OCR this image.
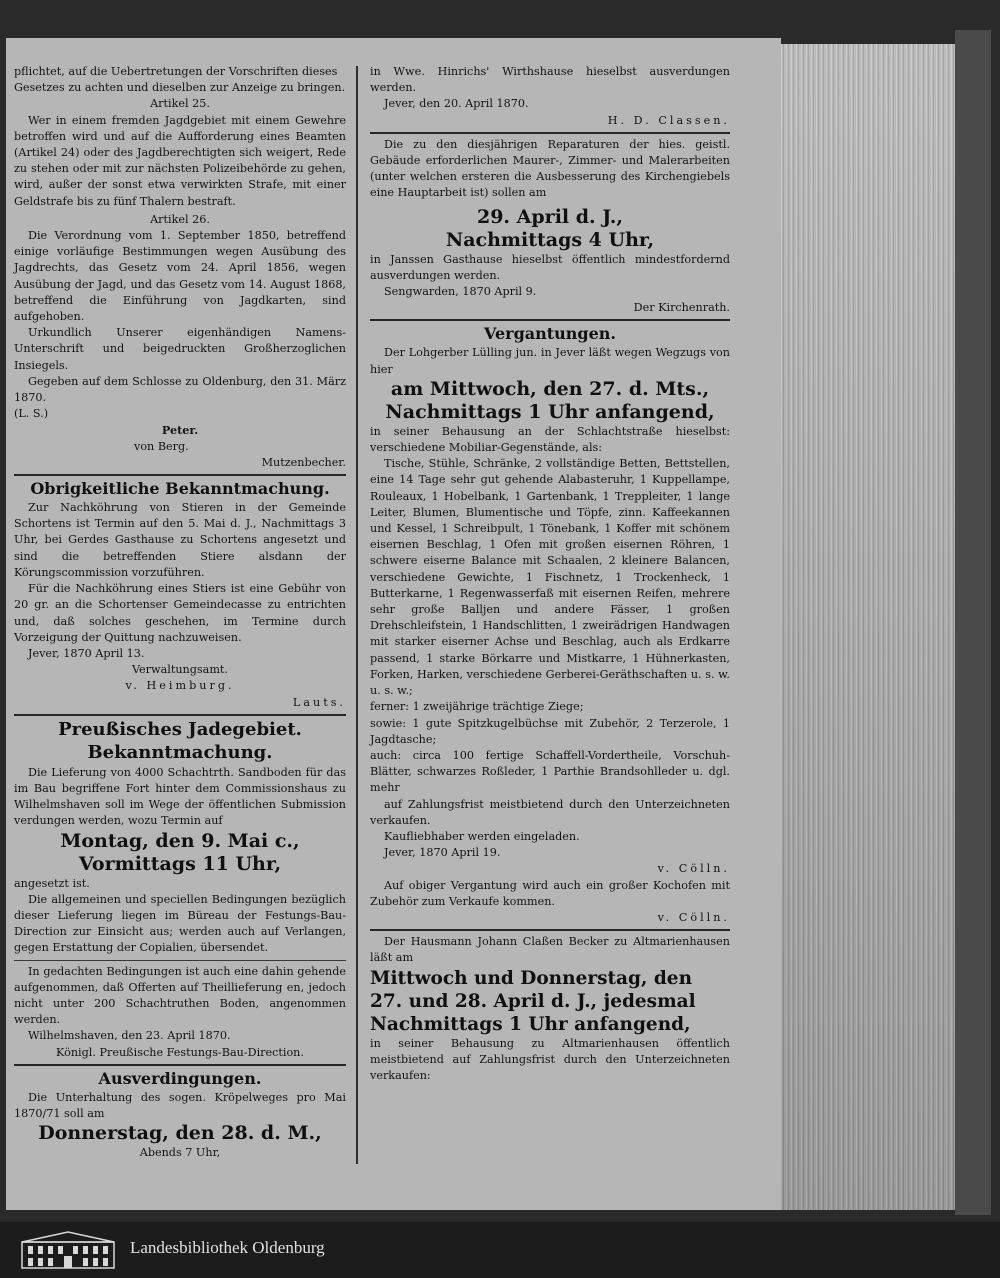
pflichtet, auf die Uebertretungen der Vorschriften dieses

Gesetzes zu achten und dieselben zur Anzeige zu bringen.

Artikel 25.

Wer in einem fremden Jagdgebiet mit einem Gewehre betroffen wird und auf die Aufforderung eines Beamten (Artikel 24) oder des Jagdberechtigten sich weigert, Rede zu stehen oder mit zur nächsten Polizeibehörde zu gehen, wird, außer der sonst etwa verwirkten Strafe, mit einer Geldstrafe bis zu fünf Thalern bestraft.

Artikel 26.

Die Verordnung vom 1. September 1850, betreffend einige vorläufige Bestimmungen wegen Ausübung des Jagdrechts, das Gesetz vom 24. April 1856, wegen Ausübung der Jagd, und das Gesetz vom 14. August 1868, betreffend die Einführung von Jagdkarten, sind aufgehoben.

Urkundlich Unserer eigenhändigen Namens-Unterschrift und beigedruckten Großherzoglichen Insiegels.

Gegeben auf dem Schlosse zu Oldenburg, den 31. März 1870.

(L. S.)

Peter.

von Berg.

Mutzenbecher.

Obrigkeitliche Bekanntmachung.

Zur Nachköhrung von Stieren in der Gemeinde Schortens ist Termin auf den 5. Mai d. J., Nachmittags 3 Uhr, bei Gerdes Gasthause zu Schortens angesetzt und sind die betreffenden Stiere alsdann der Körungscommission vorzuführen.

Für die Nachköhrung eines Stiers ist eine Gebühr von 20 gr. an die Schortenser Gemeindecasse zu entrichten und, daß solches geschehen, im Termine durch Vorzeigung der Quittung nachzuweisen.

Jever, 1870 April 13.

Verwaltungsamt.

v. Heimburg.

Lauts.

Preußisches Jadegebiet.

Bekanntmachung.

Die Lieferung von 4000 Schachtrth. Sandboden für das im Bau begriffene Fort hinter dem Commissionshaus zu Wilhelmshaven soll im Wege der öffentlichen Submission verdungen werden, wozu Termin auf

Montag, den 9. Mai c.,

Vormittags 11 Uhr,

angesetzt ist.

Die allgemeinen und speciellen Bedingungen bezüglich dieser Lieferung liegen im Büreau der Festungs-Bau-Direction zur Einsicht aus; werden auch auf Verlangen, gegen Erstattung der Copialien, übersendet.

In gedachten Bedingungen ist auch eine dahin gehende aufgenommen, daß Offerten auf Theillieferung en, jedoch nicht unter 200 Schachtruthen Boden, angenommen werden.

Wilhelmshaven, den 23. April 1870.

Königl. Preußische Festungs-Bau-Direction.

Ausverdingungen.

Die Unterhaltung des sogen. Kröpelweges pro Mai 1870/71 soll am

Donnerstag, den 28. d. M.,

Abends 7 Uhr,

in Wwe. Hinrichs' Wirthshause hieselbst ausverdungen werden.

Jever, den 20. April 1870.

H. D. Classen.

Die zu den diesjährigen Reparaturen der hies. geistl. Gebäude erforderlichen Maurer-, Zimmer- und Malerarbeiten (unter welchen ersteren die Ausbesserung des Kirchengiebels eine Hauptarbeit ist) sollen am

29. April d. J.,

Nachmittags 4 Uhr,

in Janssen Gasthause hieselbst öffentlich mindestfordernd ausverdungen werden.

Sengwarden, 1870 April 9.

Der Kirchenrath.

Vergantungen.

Der Lohgerber Lülling jun. in Jever läßt wegen Wegzugs von hier

am Mittwoch, den 27. d. Mts.,

Nachmittags 1 Uhr anfangend,

in seiner Behausung an der Schlachtstraße hieselbst: verschiedene Mobiliar-Gegenstände, als:

Tische, Stühle, Schränke, 2 vollständige Betten, Bettstellen, eine 14 Tage sehr gut gehende Alabasteruhr, 1 Kuppellampe, Rouleaux, 1 Hobelbank, 1 Gartenbank, 1 Treppleiter, 1 lange Leiter, Blumen, Blumentische und Töpfe, zinn. Kaffeekannen und Kessel, 1 Schreibpult, 1 Tönebank, 1 Koffer mit schönem eisernen Beschlag, 1 Ofen mit großen eisernen Röhren, 1 schwere eiserne Balance mit Schaalen, 2 kleinere Balancen, verschiedene Gewichte, 1 Fischnetz, 1 Trockenheck, 1 Butterkarne, 1 Regenwasserfaß mit eisernen Reifen, mehrere sehr große Balljen und andere Fässer, 1 großen Drehschleifstein, 1 Handschlitten, 1 zweirädrigen Handwagen mit starker eiserner Achse und Beschlag, auch als Erdkarre passend, 1 starke Börkarre und Mistkarre, 1 Hühnerkasten, Forken, Harken, verschiedene Gerberei-Geräthschaften u. s. w. u. s. w.;

ferner: 1 zweijährige trächtige Ziege;

sowie: 1 gute Spitzkugelbüchse mit Zubehör, 2 Terzerole, 1 Jagdtasche;

auch: circa 100 fertige Schaffell-Vordertheile, Vorschuh-Blätter, schwarzes Roßleder, 1 Parthie Brandsohlleder u. dgl. mehr

auf Zahlungsfrist meistbietend durch den Unterzeichneten verkaufen.

Kaufliebhaber werden eingeladen.

Jever, 1870 April 19.

v. Cölln.

Auf obiger Vergantung wird auch ein großer Kochofen mit Zubehör zum Verkaufe kommen.

v. Cölln.

Der Hausmann Johann Claßen Becker zu Altmarienhausen läßt am

Mittwoch und Donnerstag, den

27. und 28. April d. J., jedesmal Nachmittags 1 Uhr anfangend,

in seiner Behausung zu Altmarienhausen öffentlich meistbietend auf Zahlungsfrist durch den Unterzeichneten verkaufen:

Landesbibliothek Oldenburg
